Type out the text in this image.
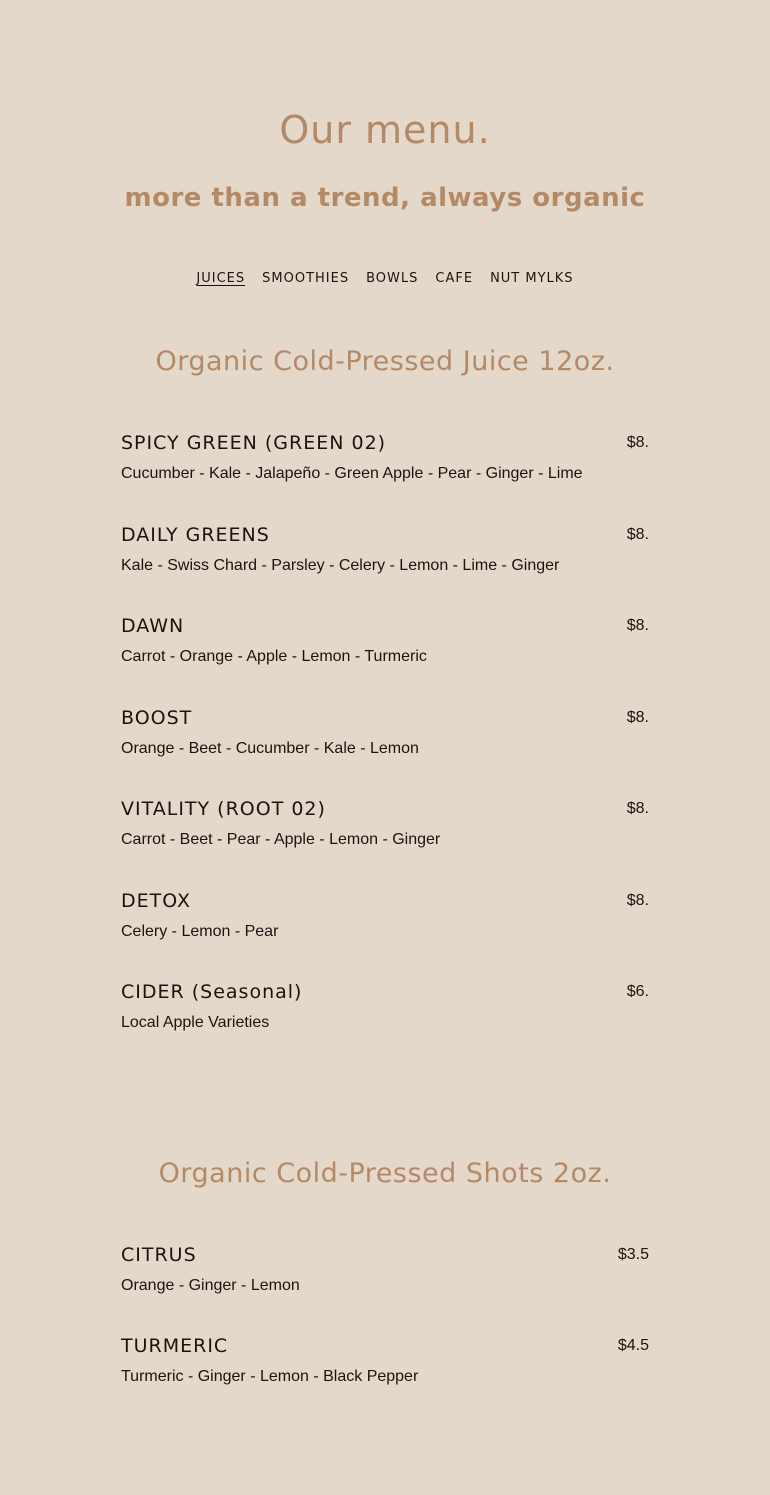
Our menu.
more than a trend, always organic
JUICES SMOOTHIES BOWLS CAFE NUT MYLKS
Organic Cold-Pressed Juice 12oz.
SPICY GREEN (GREEN 02)	$8.
Cucumber - Kale - Jalapeño - Green Apple - Pear - Ginger - Lime
DAILY GREENS	$8.
Kale - Swiss Chard - Parsley - Celery - Lemon - Lime - Ginger
DAWN	$8.
Carrot - Orange - Apple - Lemon - Turmeric
BOOST	$8.
Orange - Beet - Cucumber - Kale - Lemon
VITALITY (ROOT 02)	$8.
Carrot - Beet - Pear - Apple - Lemon - Ginger
DETOX	$8.
Celery - Lemon - Pear
CIDER (Seasonal)	$6.
Local Apple Varieties
Organic Cold-Pressed Shots 2oz.
CITRUS	$3.5
Orange - Ginger - Lemon
TURMERIC	$4.5
Turmeric - Ginger - Lemon - Black Pepper
